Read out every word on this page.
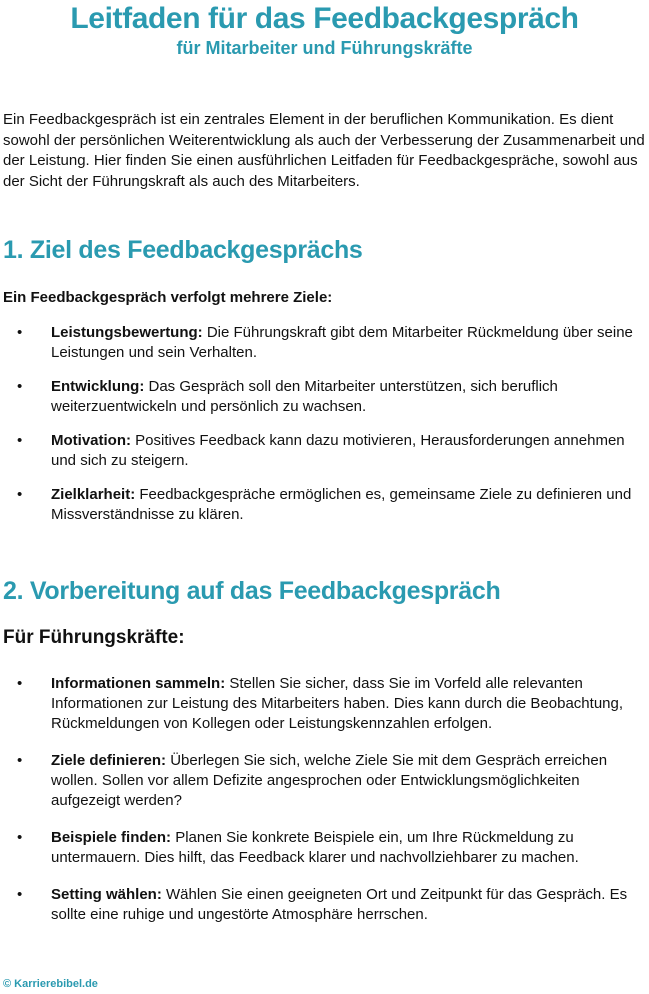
Leitfaden für das Feedbackgespräch
für Mitarbeiter und Führungskräfte

Ein Feedbackgespräch ist ein zentrales Element in der beruflichen Kommunikation. Es dient sowohl der persönlichen Weiterentwicklung als auch der Verbesserung der Zusammenarbeit und der Leistung. Hier finden Sie einen ausführlichen Leitfaden für Feedbackgespräche, sowohl aus der Sicht der Führungskraft als auch des Mitarbeiters.

1. Ziel des Feedbackgesprächs

Ein Feedbackgespräch verfolgt mehrere Ziele:

• Leistungsbewertung: Die Führungskraft gibt dem Mitarbeiter Rückmeldung über seine Leistungen und sein Verhalten.
• Entwicklung: Das Gespräch soll den Mitarbeiter unterstützen, sich beruflich weiterzuentwickeln und persönlich zu wachsen.
• Motivation: Positives Feedback kann dazu motivieren, Herausforderungen annehmen und sich zu steigern.
• Zielklarheit: Feedbackgespräche ermöglichen es, gemeinsame Ziele zu definieren und Missverständnisse zu klären.
2. Vorbereitung auf das Feedbackgespräch

Für Führungskräfte:

• Informationen sammeln: Stellen Sie sicher, dass Sie im Vorfeld alle relevanten Informationen zur Leistung des Mitarbeiters haben. Dies kann durch die Beobachtung, Rückmeldungen von Kollegen oder Leistungskennzahlen erfolgen.
• Ziele definieren: Überlegen Sie sich, welche Ziele Sie mit dem Gespräch erreichen wollen. Sollen vor allem Defizite angesprochen oder Entwicklungsmöglichkeiten aufgezeigt werden?
• Beispiele finden: Planen Sie konkrete Beispiele ein, um Ihre Rückmeldung zu untermauern. Dies hilft, das Feedback klarer und nachvollziehbarer zu machen.
• Setting wählen: Wählen Sie einen geeigneten Ort und Zeitpunkt für das Gespräch. Es sollte eine ruhige und ungestörte Atmosphäre herrschen.
© Karrierebibel.de
